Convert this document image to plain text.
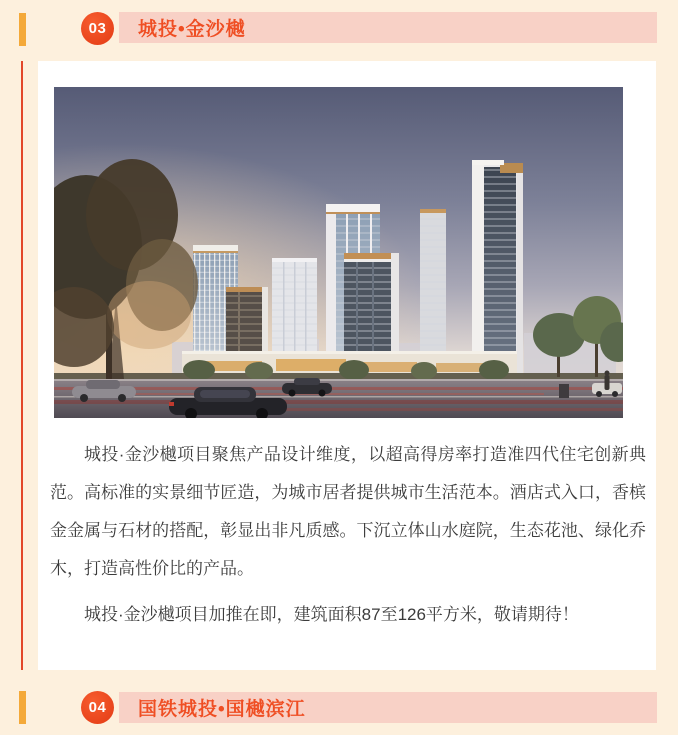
03	城投•金沙樾

城投·金沙樾项目聚焦产品设计维度，以超高得房率打造准四代住宅创新典范。高标准的实景细节匠造，为城市居者提供城市生活范本。酒店式入口，香槟金金属与石材的搭配，彰显出非凡质感。下沉立体山水庭院，生态花池、绿化乔木，打造高性价比的产品。

城投·金沙樾项目加推在即，建筑面积87至126平方米，敬请期待！

04	国铁城投•国樾滨江
